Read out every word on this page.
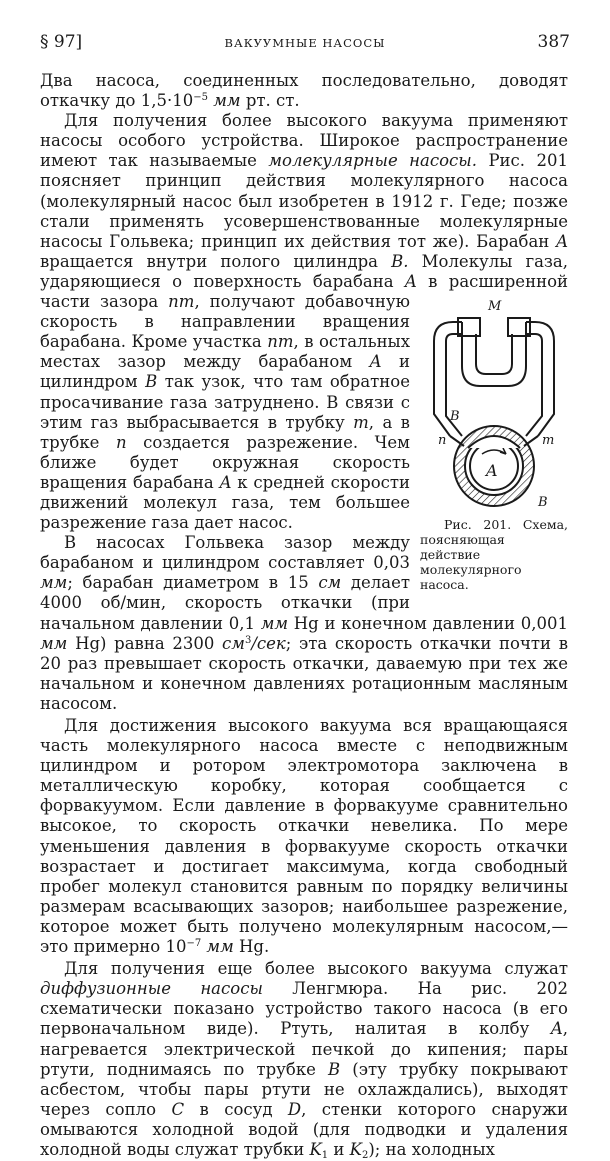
§ 97]	ВАКУУМНЫЕ НАСОСЫ	387

Два насоса, соединенных последовательно, доводят откачку до $1,5\cdot 10^{-5}$ мм рт. ст.

Для получения более высокого вакуума применяют насосы особого устройства. Широкое распространение имеют так называемые молекулярные насосы. Рис. 201 поясняет принцип действия молекулярного насоса (молекулярный насос был изобретен в 1912 г. Геде; позже стали применять усовершенствованные молекулярные насосы Гольвека; принцип их действия тот же). Барабан A вращается внутри полого цилиндра B. Молекулы газа, ударяющиеся о поверхность барабана A в расширенной части зазора	M
B
n	m
A
B
Рис. 201. Схема, поясняющая действие молекулярного насоса.
nm, получают добавочную скорость в направлении вращения барабана. Кроме участка nm, в остальных местах зазор между барабаном A и цилиндром B так узок, что там обратное просачивание газа затруднено. В связи с этим газ выбрасывается в трубку m, а в трубке n создается разрежение. Чем ближе будет окружная скорость вращения барабана A к средней скорости движений молекул газа, тем большее разрежение газа дает насос.

В насосах Гольвека зазор между барабаном и цилиндром составляет 0,03 мм; барабан диаметром в 15 см делает 4000 об/мин, скорость откачки (при начальном давлении 0,1 мм Hg и конечном давлении 0,001 мм Hg) равна 2300 $см^3$/сек; эта скорость откачки почти в 20 раз превышает скорость откачки, даваемую при тех же начальном и конечном давлениях ротационным масляным насосом.

Для достижения высокого вакуума вся вращающаяся часть молекулярного насоса вместе с неподвижным цилиндром и ротором электромотора заключена в металлическую коробку, которая сообщается с форвакуумом. Если давление в форвакууме сравнительно высокое, то скорость откачки невелика. По мере уменьшения давления в форвакууме скорость откачки возрастает и достигает максимума, когда свободный пробег молекул становится равным по порядку величины размерам всасывающих зазоров; наибольшее разрежение, которое может быть получено молекулярным насосом,— это примерно $10^{-7}$ мм Hg.

Для получения еще более высокого вакуума служат диффузионные насосы Ленгмюра. На рис. 202 схематически показано устройство такого насоса (в его первоначальном виде). Ртуть, налитая в колбу A, нагревается электрической печкой до кипения; пары ртути, поднимаясь по трубке B (эту трубку покрывают асбестом, чтобы пары ртути не охлаждались), выходят через сопло C в сосуд D, стенки которого снаружи омываются холодной водой (для подводки и удаления холодной воды служат трубки $K_1$ и $K_2$); на холодных
